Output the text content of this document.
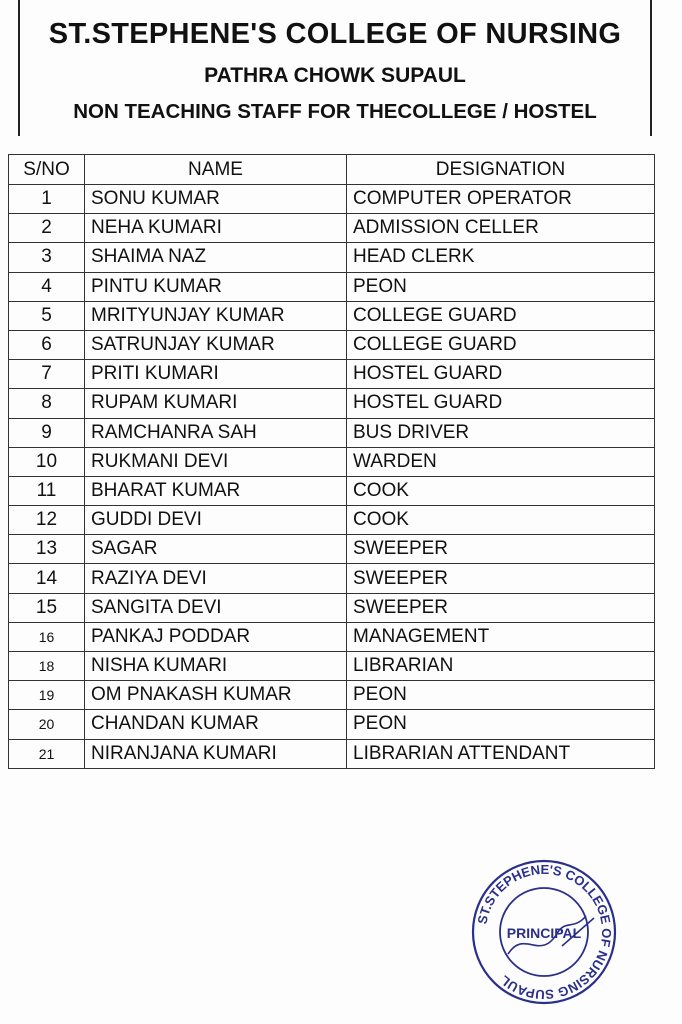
ST.STEPHENE'S COLLEGE OF NURSING
PATHRA CHOWK SUPAUL
NON TEACHING STAFF FOR THECOLLEGE / HOSTEL
S/NO	NAME	DESIGNATION
1	SONU KUMAR	COMPUTER OPERATOR
2	NEHA KUMARI	ADMISSION CELLER
3	SHAIMA NAZ	HEAD CLERK
4	PINTU KUMAR	PEON
5	MRITYUNJAY KUMAR	COLLEGE GUARD
6	SATRUNJAY KUMAR	COLLEGE GUARD
7	PRITI KUMARI	HOSTEL GUARD
8	RUPAM KUMARI	HOSTEL GUARD
9	RAMCHANRA SAH	BUS DRIVER
10	RUKMANI DEVI	WARDEN
11	BHARAT KUMAR	COOK
12	GUDDI DEVI	COOK
13	SAGAR	SWEEPER
14	RAZIYA DEVI	SWEEPER
15	SANGITA DEVI	SWEEPER
16	PANKAJ PODDAR	MANAGEMENT
18	NISHA KUMARI	LIBRARIAN
19	OM PNAKASH KUMAR	PEON
20	CHANDAN KUMAR	PEON
21	NIRANJANA KUMARI	LIBRARIAN ATTENDANT
ST.STEPHENE'S COLLEGE OF NURSING SUPAUL
PRINCIPAL
